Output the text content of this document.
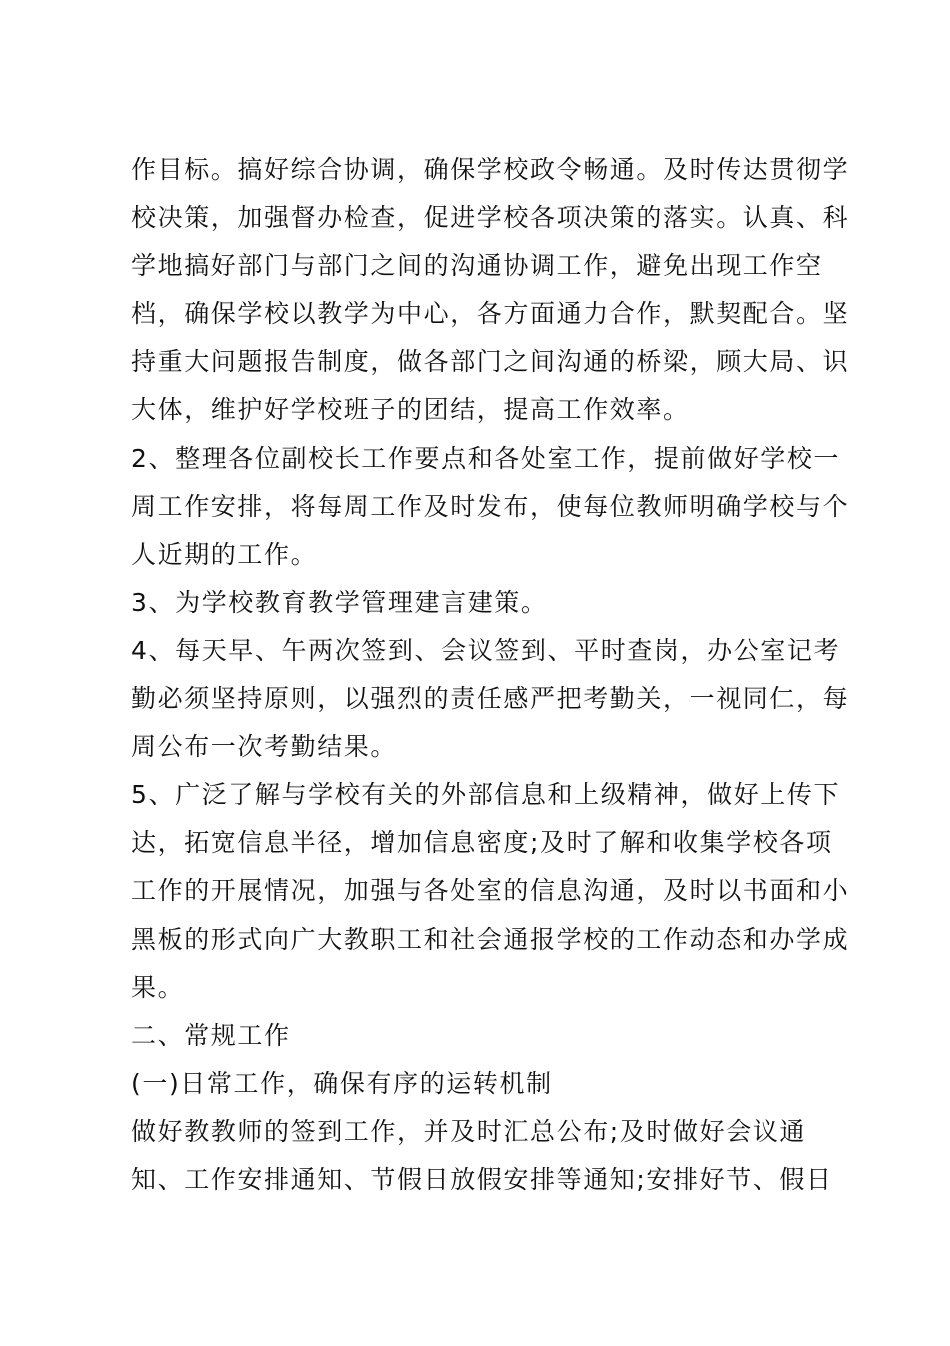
作目标。搞好综合协调，确保学校政令畅通。及时传达贯彻学
校决策，加强督办检查，促进学校各项决策的落实。认真、科
学地搞好部门与部门之间的沟通协调工作，避免出现工作空
档，确保学校以教学为中心，各方面通力合作，默契配合。坚
持重大问题报告制度，做各部门之间沟通的桥梁，顾大局、识
大体，维护好学校班子的团结，提高工作效率。
2、整理各位副校长工作要点和各处室工作，提前做好学校一
周工作安排，将每周工作及时发布，使每位教师明确学校与个
人近期的工作。
3、为学校教育教学管理建言建策。
4、每天早、午两次签到、会议签到、平时查岗，办公室记考
勤必须坚持原则，以强烈的责任感严把考勤关，一视同仁，每
周公布一次考勤结果。
5、广泛了解与学校有关的外部信息和上级精神，做好上传下
达，拓宽信息半径，增加信息密度;及时了解和收集学校各项
工作的开展情况，加强与各处室的信息沟通，及时以书面和小
黑板的形式向广大教职工和社会通报学校的工作动态和办学成
果。
二、常规工作
(一)日常工作，确保有序的运转机制
做好教教师的签到工作，并及时汇总公布;及时做好会议通
知、工作安排通知、节假日放假安排等通知;安排好节、假日
